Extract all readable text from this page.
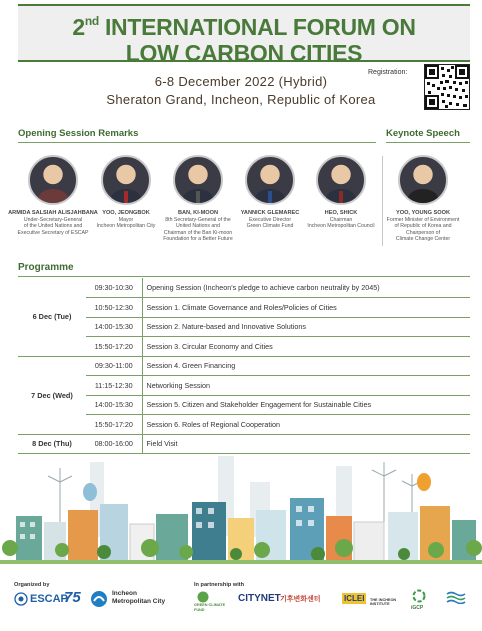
2nd INTERNATIONAL FORUM ON
LOW CARBON CITIES
Registration:
6-8 December 2022 (Hybrid)
Sheraton Grand, Incheon, Republic of Korea
Opening Session Remarks	Keynote Speech
ARMIDA SALSIAH ALISJAHBANA
Under-Secretary-General
of the United Nations and
Executive Secretary of ESCAP
YOO, JEONGBOK
Mayor
Incheon Metropolitan City
BAN, KI-MOON
8th Secretary-General of the
United Nations and
Chairman of the Ban Ki-moon
Foundation for a Better Future
YANNICK GLEMAREC
Executive Director
Green Climate Fund
HEO, SHICK
Chairman
Incheon Metropolitan Council
YOO, YOUNG SOOK
Former Minister of Environment
of Republic of Korea and
Chairperson of
Climate Change Center
Programme
6 Dec (Tue)	09:30-10:30	Opening Session (Incheon's pledge to achieve carbon neutrality by 2045)
	10:50-12:30	Session 1. Climate Governance and Roles/Policies of Cities
	14:00-15:30	Session 2. Nature-based and Innovative Solutions
	15:50-17:20	Session 3. Circular Economy and Cities
7 Dec (Wed)	09:30-11:00	Session 4. Green Financing
	11:15-12:30	Networking Session
	14:00-15:30	Session 5. Citizen and Stakeholder Engagement for Sustainable Cities
	15:50-17:20	Session 6. Roles of Regional Cooperation
8 Dec (Thu)	08:00-16:00	Field Visit
Organized by	In partnership with
ESCAP
75	Incheon
Metropolitan City	GREEN CLIMATE FUND
CITYNET 기후변화센터	ICLEI	THE INCHEON INSTITUTE
iGCP
